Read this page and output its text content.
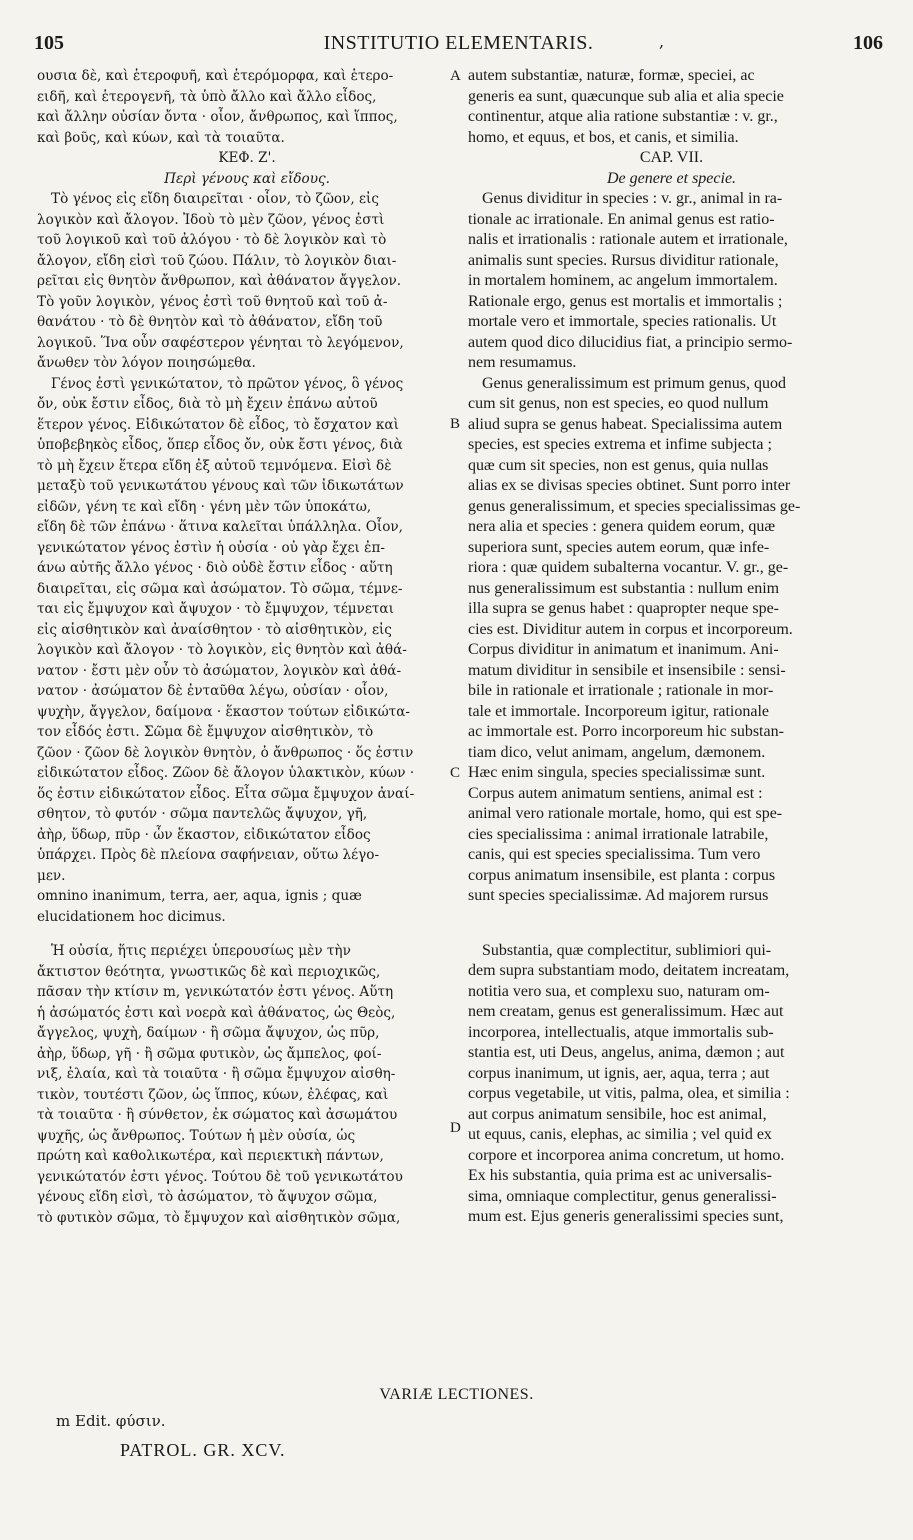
105	INSTITUTIO ELEMENTARIS.	106
,

ουσια δὲ, καὶ ἑτεροφυῆ, καὶ ἑτερόμορφα, καὶ ἑτερο-

ειδῆ, καὶ ἑτερογενῆ, τὰ ὑπὸ ἄλλο καὶ ἄλλο εἶδος,

καὶ ἄλλην οὐσίαν ὄντα · οἷον, ἄνθρωπος, καὶ ἵππος,

καὶ βοῦς, καὶ κύων, καὶ τὰ τοιαῦτα.

ΚΕΦ. Ζ'.

Περὶ γένους καὶ εἴδους.

Τὸ γένος εἰς εἴδη διαιρεῖται · οἷον, τὸ ζῶον, εἰς

λογικὸν καὶ ἄλογον. Ἰδοὺ τὸ μὲν ζῶον, γένος ἐστὶ

τοῦ λογικοῦ καὶ τοῦ ἀλόγου · τὸ δὲ λογικὸν καὶ τὸ

ἄλογον, εἴδη εἰσὶ τοῦ ζώου. Πάλιν, τὸ λογικὸν διαι-

ρεῖται εἰς θνητὸν ἄνθρωπον, καὶ ἀθάνατον ἄγγελον.

Τὸ γοῦν λογικὸν, γένος ἐστὶ τοῦ θνητοῦ καὶ τοῦ ἀ-

θανάτου · τὸ δὲ θνητὸν καὶ τὸ ἀθάνατον, εἴδη τοῦ

λογικοῦ. Ἵνα οὖν σαφέστερον γένηται τὸ λεγόμενον,

ἄνωθεν τὸν λόγον ποιησώμεθα.

Γένος ἐστὶ γενικώτατον, τὸ πρῶτον γένος, ὃ γένος

ὄν, οὐκ ἔστιν εἶδος, διὰ τὸ μὴ ἔχειν ἐπάνω αὐτοῦ

ἕτερον γένος. Εἰδικώτατον δὲ εἶδος, τὸ ἔσχατον καὶ

ὑποβεβηκὸς εἶδος, ὅπερ εἶδος ὄν, οὐκ ἔστι γένος, διὰ

τὸ μὴ ἔχειν ἕτερα εἴδη ἐξ αὐτοῦ τεμνόμενα. Εἰσὶ δὲ

μεταξὺ τοῦ γενικωτάτου γένους καὶ τῶν ἰδικωτάτων

εἰδῶν, γένη τε καὶ εἴδη · γένη μὲν τῶν ὑποκάτω,

εἴδη δὲ τῶν ἐπάνω · ἅτινα καλεῖται ὑπάλληλα. Οἷον,

γενικώτατον γένος ἐστὶν ἡ οὐσία · οὐ γὰρ ἔχει ἐπ-

άνω αὐτῆς ἄλλο γένος · διὸ οὐδὲ ἔστιν εἶδος · αὕτη

διαιρεῖται, εἰς σῶμα καὶ ἀσώματον. Τὸ σῶμα, τέμνε-

ται εἰς ἔμψυχον καὶ ἄψυχον · τὸ ἔμψυχον, τέμνεται

εἰς αἰσθητικὸν καὶ ἀναίσθητον · τὸ αἰσθητικὸν, εἰς

λογικὸν καὶ ἄλογον · τὸ λογικὸν, εἰς θνητὸν καὶ ἀθά-

νατον · ἔστι μὲν οὖν τὸ ἀσώματον, λογικὸν καὶ ἀθά-

νατον · ἀσώματον δὲ ἐνταῦθα λέγω, οὐσίαν · οἷον,

ψυχὴν, ἄγγελον, δαίμονα · ἕκαστον τούτων εἰδικώτα-

τον εἶδός ἐστι. Σῶμα δὲ ἔμψυχον αἰσθητικὸν, τὸ

ζῶον · ζῶον δὲ λογικὸν θνητὸν, ὁ ἄνθρωπος · ὅς ἐστιν

εἰδικώτατον εἶδος. Ζῶον δὲ ἄλογον ὑλακτικὸν, κύων ·

ὅς ἐστιν εἰδικώτατον εἶδος. Εἶτα σῶμα ἔμψυχον ἀναί-

σθητον, τὸ φυτόν · σῶμα παντελῶς ἄψυχον, γῆ,

ἀὴρ, ὕδωρ, πῦρ · ὧν ἕκαστον, εἰδικώτατον εἶδος

ὑπάρχει. Πρὸς δὲ πλείονα σαφήνειαν, οὕτω λέγο-

μεν.

omnino inanimum, terra, aer, aqua, ignis ; quæ

elucidationem hoc dicimus.

Ἡ οὐσία, ἥτις περιέχει ὑπερουσίως μὲν τὴν

ἄκτιστον θεότητα, γνωστικῶς δὲ καὶ περιοχικῶς,

πᾶσαν τὴν κτίσιν m, γενικώτατόν ἐστι γένος. Αὕτη

ἡ ἀσώματός ἐστι καὶ νοερὰ καὶ ἀθάνατος, ὡς Θεὸς,

ἄγγελος, ψυχὴ, δαίμων · ἢ σῶμα ἄψυχον, ὡς πῦρ,

ἀὴρ, ὕδωρ, γῆ · ἢ σῶμα φυτικὸν, ὡς ἄμπελος, φοί-

νιξ, ἐλαία, καὶ τὰ τοιαῦτα · ἢ σῶμα ἔμψυχον αἰσθη-

τικὸν, τουτέστι ζῶον, ὡς ἵππος, κύων, ἐλέφας, καὶ

τὰ τοιαῦτα · ἢ σύνθετον, ἐκ σώματος καὶ ἀσωμάτου

ψυχῆς, ὡς ἄνθρωπος. Τούτων ἡ μὲν οὐσία, ὡς

πρώτη καὶ καθολικωτέρα, καὶ περιεκτικὴ πάντων,

γενικώτατόν ἐστι γένος. Τούτου δὲ τοῦ γενικωτάτου

γένους εἴδη εἰσὶ, τὸ ἀσώματον, τὸ ἄψυχον σῶμα,

τὸ φυτικὸν σῶμα, τὸ ἔμψυχον καὶ αἰσθητικὸν σῶμα,

A
B
C
D

autem substantiæ, naturæ, formæ, speciei, ac

generis ea sunt, quæcunque sub alia et alia specie

continentur, atque alia ratione substantiæ : v. gr.,

homo, et equus, et bos, et canis, et similia.

CAP. VII.

De genere et specie.

Genus dividitur in species : v. gr., animal in ra-

tionale ac irrationale. En animal genus est ratio-

nalis et irrationalis : rationale autem et irrationale,

animalis sunt species. Rursus dividitur rationale,

in mortalem hominem, ac angelum immortalem.

Rationale ergo, genus est mortalis et immortalis ;

mortale vero et immortale, species rationalis. Ut

autem quod dico dilucidius fiat, a principio sermo-

nem resumamus.

Genus generalissimum est primum genus, quod

cum sit genus, non est species, eo quod nullum

aliud supra se genus habeat. Specialissima autem

species, est species extrema et infime subjecta ;

quæ cum sit species, non est genus, quia nullas

alias ex se divisas species obtinet. Sunt porro inter

genus generalissimum, et species specialissimas ge-

nera alia et species : genera quidem eorum, quæ

superiora sunt, species autem eorum, quæ infe-

riora : quæ quidem subalterna vocantur. V. gr., ge-

nus generalissimum est substantia : nullum enim

illa supra se genus habet : quapropter neque spe-

cies est. Dividitur autem in corpus et incorporeum.

Corpus dividitur in animatum et inanimum. Ani-

matum dividitur in sensibile et insensibile : sensi-

bile in rationale et irrationale ; rationale in mor-

tale et immortale. Incorporeum igitur, rationale

ac immortale est. Porro incorporeum hic substan-

tiam dico, velut animam, angelum, dæmonem.

Hæc enim singula, species specialissimæ sunt.

Corpus autem animatum sentiens, animal est :

animal vero rationale mortale, homo, qui est spe-

cies specialissima : animal irrationale latrabile,

canis, qui est species specialissima. Tum vero

corpus animatum insensibile, est planta : corpus

sunt species specialissimæ. Ad majorem rursus

Substantia, quæ complectitur, sublimiori qui-

dem supra substantiam modo, deitatem increatam,

notitia vero sua, et complexu suo, naturam om-

nem creatam, genus est generalissimum. Hæc aut

incorporea, intellectualis, atque immortalis sub-

stantia est, uti Deus, angelus, anima, dæmon ; aut

corpus inanimum, ut ignis, aer, aqua, terra ; aut

corpus vegetabile, ut vitis, palma, olea, et similia :

aut corpus animatum sensibile, hoc est animal,

ut equus, canis, elephas, ac similia ; vel quid ex

corpore et incorporea anima concretum, ut homo.

Ex his substantia, quia prima est ac universalis-

sima, omniaque complectitur, genus generalissi-

mum est. Ejus generis generalissimi species sunt,

VARIÆ LECTIONES.
m Edit. φύσιν.
PATROL. GR. XCV.
